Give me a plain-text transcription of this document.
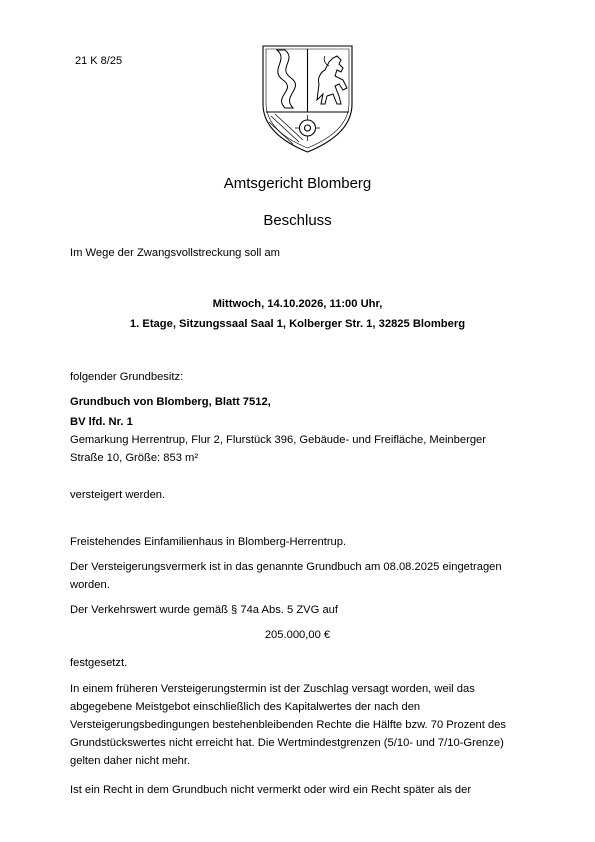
21 K 8/25
Amtsgericht Blomberg
Beschluss
Im Wege der Zwangsvollstreckung soll am
Mittwoch, 14.10.2026, 11:00 Uhr,
1. Etage, Sitzungssaal Saal 1, Kolberger Str. 1, 32825 Blomberg
folgender Grundbesitz:
Grundbuch von Blomberg, Blatt 7512,
BV lfd. Nr. 1
Gemarkung Herrentrup, Flur 2, Flurstück 396, Gebäude- und Freifläche, Meinberger Straße 10, Größe: 853 m²
versteigert werden.
Freistehendes Einfamilienhaus in Blomberg-Herrentrup.
Der Versteigerungsvermerk ist in das genannte Grundbuch am 08.08.2025 eingetragen worden.
Der Verkehrswert wurde gemäß § 74a Abs. 5 ZVG auf
205.000,00 €
festgesetzt.
In einem früheren Versteigerungstermin ist der Zuschlag versagt worden, weil das abgegebene Meistgebot einschließlich des Kapitalwertes der nach den Versteigerungsbedingungen bestehenbleibenden Rechte die Hälfte bzw. 70 Prozent des Grundstückswertes nicht erreicht hat. Die Wertmindestgrenzen (5/10- und 7/10-Grenze) gelten daher nicht mehr.
Ist ein Recht in dem Grundbuch nicht vermerkt oder wird ein Recht später als der
